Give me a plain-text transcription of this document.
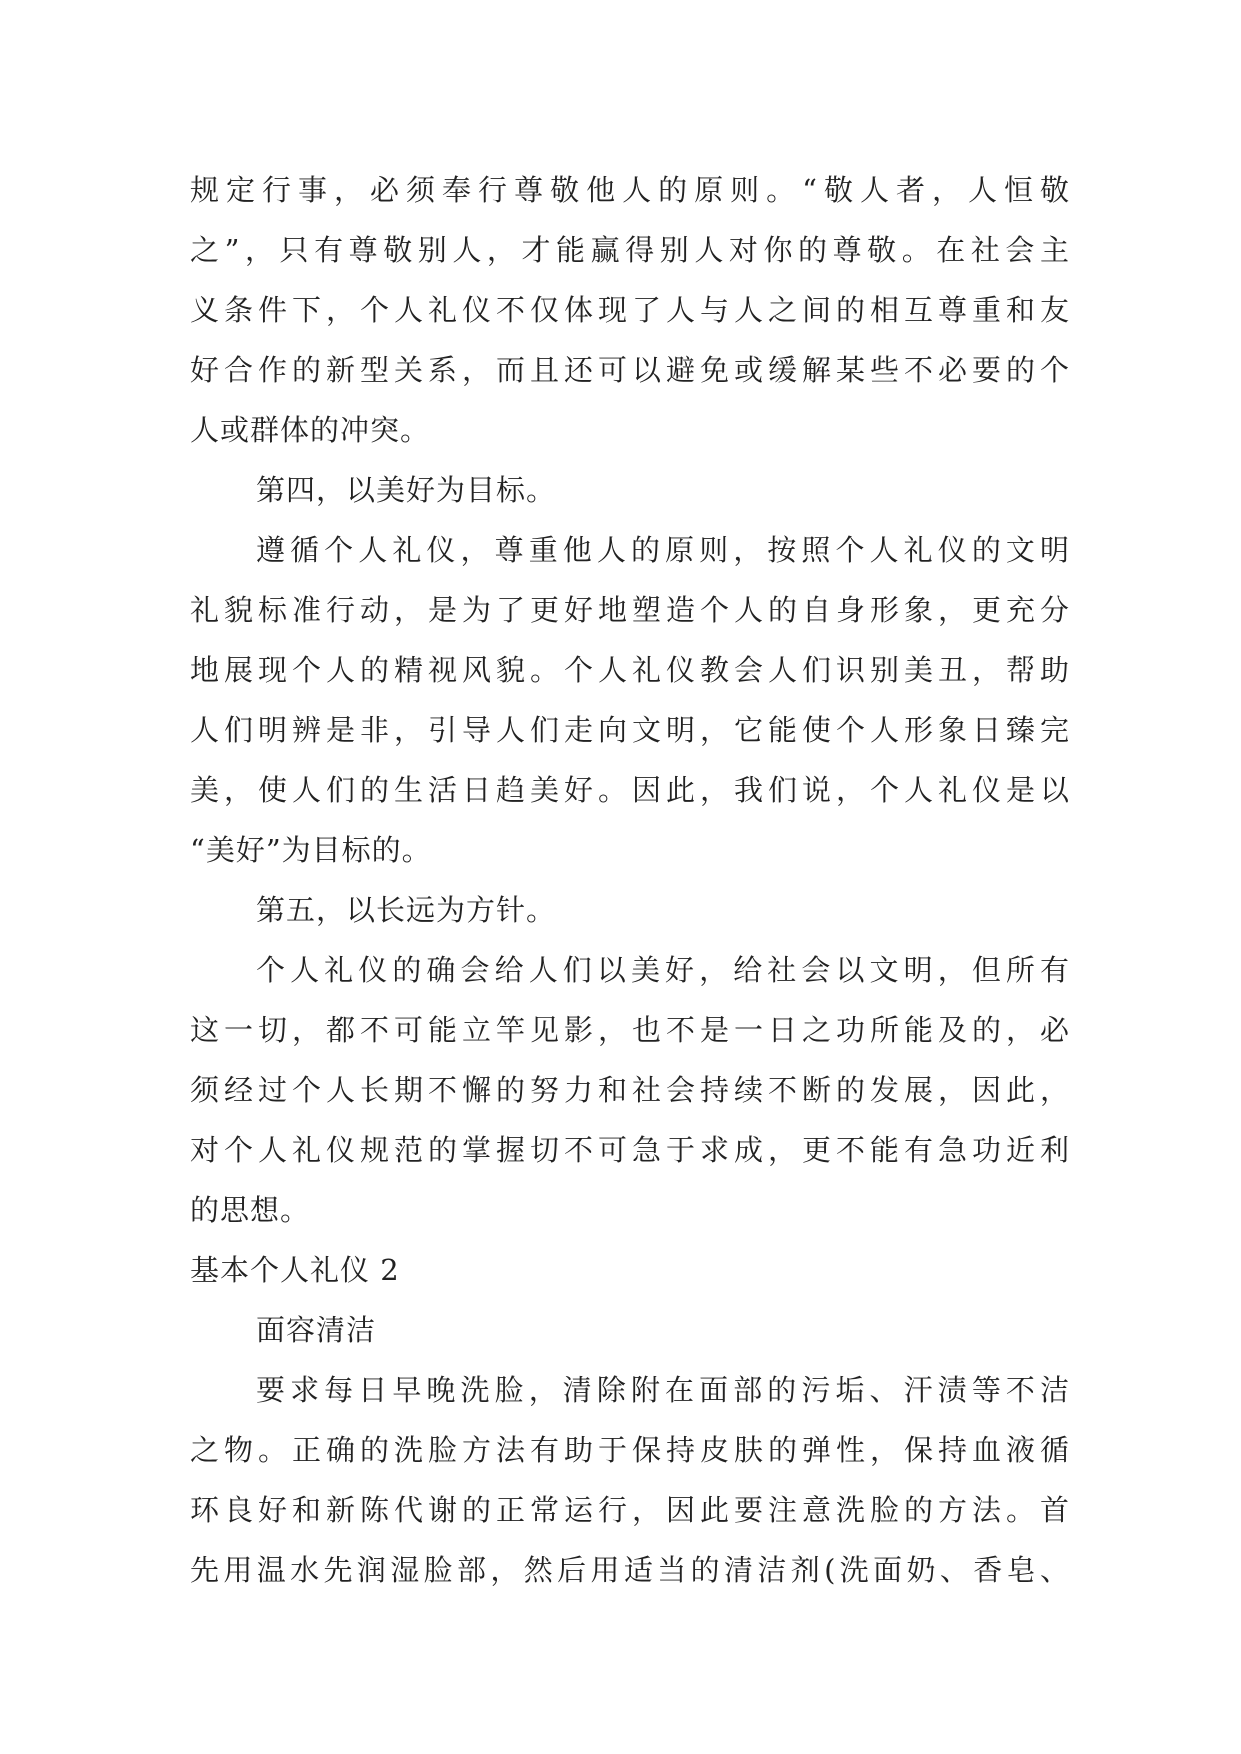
规定行事，必须奉行尊敬他人的原则。“敬人者，人恒敬
之”，只有尊敬别人，才能赢得别人对你的尊敬。在社会主
义条件下，个人礼仪不仅体现了人与人之间的相互尊重和友
好合作的新型关系，而且还可以避免或缓解某些不必要的个
人或群体的冲突。
第四，以美好为目标。
遵循个人礼仪，尊重他人的原则，按照个人礼仪的文明
礼貌标准行动，是为了更好地塑造个人的自身形象，更充分
地展现个人的精视风貌。个人礼仪教会人们识别美丑，帮助
人们明辨是非，引导人们走向文明，它能使个人形象日臻完
美，使人们的生活日趋美好。因此，我们说，个人礼仪是以
“美好”为目标的。
第五，以长远为方针。
个人礼仪的确会给人们以美好，给社会以文明，但所有
这一切，都不可能立竿见影，也不是一日之功所能及的，必
须经过个人长期不懈的努力和社会持续不断的发展，因此，
对个人礼仪规范的掌握切不可急于求成，更不能有急功近利
的思想。
基本个人礼仪 2
面容清洁
要求每日早晚洗脸，清除附在面部的污垢、汗渍等不洁
之物。正确的洗脸方法有助于保持皮肤的弹性，保持血液循
环良好和新陈代谢的正常运行，因此要注意洗脸的方法。首
先用温水先润湿脸部，然后用适当的清洁剂(洗面奶、香皂、
